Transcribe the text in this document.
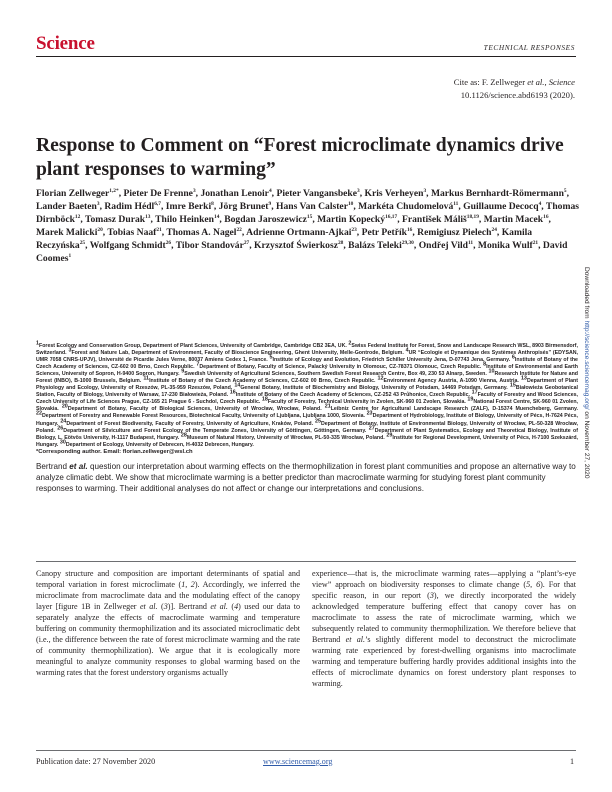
Science	TECHNICAL RESPONSES
Cite as: F. Zellweger et al., Science
10.1126/science.abd6193 (2020).
Response to Comment on “Forest microclimate dynamics drive plant responses to warming”
Florian Zellweger$^{1,2*}$, Pieter De Frenne$^3$, Jonathan Lenoir$^4$, Pieter Vangansbeke$^3$, Kris Verheyen$^3$, Markus Bernhardt-Römermann$^5$, Lander Baeten$^3$, Radim Hédl$^{6,7}$, Imre Berki$^8$, Jörg Brunet$^9$, Hans Van Calster$^{10}$, Markéta Chudomelová$^{11}$, Guillaume Decocq$^4$, Thomas Dirnböck$^{12}$, Tomasz Durak$^{13}$, Thilo Heinken$^{14}$, Bogdan Jaroszewicz$^{15}$, Martin Kopecký$^{16,17}$, František Máliš$^{18,19}$, Martin Macek$^{16}$, Marek Malicki$^{20}$, Tobias Naaf$^{21}$, Thomas A. Nagel$^{22}$, Adrienne Ortmann-Ajkai$^{23}$, Petr Petřík$^{16}$, Remigiusz Pielech$^{24}$, Kamila Reczyńska$^{25}$, Wolfgang Schmidt$^{26}$, Tibor Standovár$^{27}$, Krzysztof Świerkosz$^{28}$, Balázs Teleki$^{29,30}$, Ondřej Vild$^{11}$, Monika Wulf$^{21}$, David Coomes$^1$
$^1$Forest Ecology and Conservation Group, Department of Plant Sciences, University of Cambridge, Cambridge CB2 3EA, UK. $^2$Swiss Federal Institute for Forest, Snow and Landscape Research WSL, 8903 Birmensdorf, Switzerland. $^3$Forest and Nature Lab, Department of Environment, Faculty of Bioscience Engineering, Ghent University, Melle-Gontrode, Belgium. $^4$UR “Ecologie et Dynamique des Systèmes Anthropisés” (EDYSAN, UMR 7058 CNRS-UPJV), Université de Picardie Jules Verne, 80037 Amiens Cedex 1, France. $^5$Institute of Ecology and Evolution, Friedrich Schiller University Jena, D-07743 Jena, Germany. $^6$Institute of Botany of the Czech Academy of Sciences, CZ-602 00 Brno, Czech Republic. $^7$Department of Botany, Faculty of Science, Palacký University in Olomouc, CZ-78371 Olomouc, Czech Republic. $^8$Institute of Environmental and Earth Sciences, University of Sopron, H-9400 Sopron, Hungary. $^9$Swedish University of Agricultural Sciences, Southern Swedish Forest Research Centre, Box 49, 230 53 Alnarp, Sweden. $^{10}$Research Institute for Nature and Forest (INBO), B-1000 Brussels, Belgium. $^{11}$Institute of Botany of the Czech Academy of Sciences, CZ-602 00 Brno, Czech Republic. $^{12}$Environment Agency Austria, A-1090 Vienna, Austria. $^{13}$Department of Plant Physiology and Ecology, University of Rzeszów, PL-35-959 Rzeszów, Poland. $^{14}$General Botany, Institute of Biochemistry and Biology, University of Potsdam, 14469 Potsdam, Germany. $^{15}$Białowieża Geobotanical Station, Faculty of Biology, University of Warsaw, 17-230 Białowieża, Poland. $^{16}$Institute of Botany of the Czech Academy of Sciences, CZ-252 43 Průhonice, Czech Republic. $^{17}$Faculty of Forestry and Wood Sciences, Czech University of Life Sciences Prague, CZ-165 21 Prague 6 - Suchdol, Czech Republic. $^{18}$Faculty of Forestry, Technical University in Zvolen, SK-960 01 Zvolen, Slovakia. $^{19}$National Forest Centre, SK-960 01 Zvolen, Slovakia. $^{20}$Department of Botany, Faculty of Biological Sciences, University of Wrocław, Wrocław, Poland. $^{21}$Leibniz Centre for Agricultural Landscape Research (ZALF), D-15374 Muencheberg, Germany. $^{22}$Department of Forestry and Renewable Forest Resources, Biotechnical Faculty, University of Ljubljana, Ljubljana 1000, Slovenia. $^{23}$Department of Hydrobiology, Institute of Biology, University of Pécs, H-7624 Pécs, Hungary. $^{24}$Department of Forest Biodiversity, Faculty of Forestry, University of Agriculture, Kraków, Poland. $^{25}$Department of Botany, Institute of Environmental Biology, University of Wrocław, PL-50-328 Wrocław, Poland. $^{26}$Department of Silviculture and Forest Ecology of the Temperate Zones, University of Göttingen, Göttingen, Germany. $^{27}$Department of Plant Systematics, Ecology and Theoretical Biology, Institute of Biology, L. Eötvös University, H-1117 Budapest, Hungary. $^{28}$Museum of Natural History, University of Wrocław, PL-50-335 Wrocław, Poland. $^{29}$Institute for Regional Development, University of Pécs, H-7100 Szekszárd, Hungary. $^{30}$Department of Ecology, University of Debrecen, H-4032 Debrecen, Hungary.
*Corresponding author. Email: florian.zellweger@wsl.ch

Bertrand et al. question our interpretation about warming effects on the thermophilization in forest plant communities and propose an alternative way to analyze climatic debt. We show that microclimate warming is a better predictor than macroclimate warming for studying forest plant community responses to warming. Their additional analyses do not affect or change our interpretations and conclusions.

Canopy structure and composition are important determinants of spatial and temporal variation in forest microclimate (1, 2). Accordingly, we inferred the microclimate from macroclimate data and the modulating effect of the canopy layer [figure 1B in Zellweger et al. (3)]. Bertrand et al. (4) used our data to separately analyze the effects of macroclimate warming and temperature buffering on community thermophilization and its associated microclimatic debt (i.e., the difference between the rate of forest microclimate warming and the rate of community thermophilization). We argue that it is ecologically more meaningful to analyze community responses to global warming based on the warming rates that the forest understory organisms actually

experience—that is, the microclimate warming rates—applying a “plant’s-eye view” approach on biodiversity responses to climate change (5, 6). For that specific reason, in our report (3), we directly incorporated the widely acknowledged temperature buffering effect that canopy cover has on macroclimate to assess the rate of microclimate warming, which we subsequently related to community thermophilization. We therefore believe that Bertrand et al.’s slightly different model to deconstruct the microclimate warming rate experienced by forest-dwelling organisms into macroclimate warming and temperature buffering hardly provides additional insights into the effects of microclimate dynamics on forest understory plant responses to warming.

Publication date: 27 November 2020	www.sciencemag.org	1
Downloaded from http://science.sciencemag.org/ on November 27, 2020
